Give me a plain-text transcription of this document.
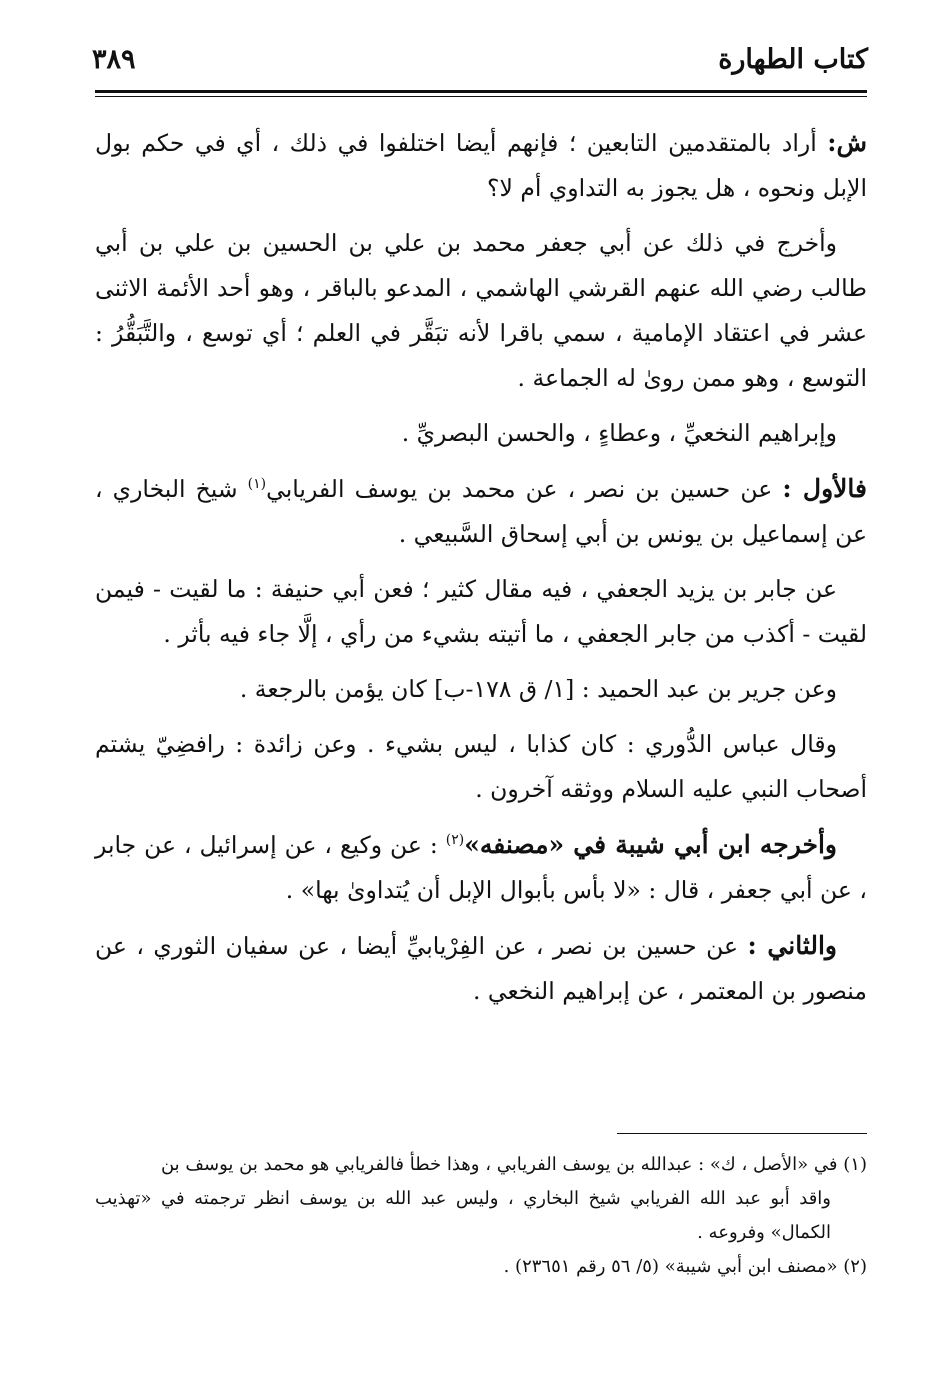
كتاب الطهارة
٣٨٩

ش: أراد بالمتقدمين التابعين ؛ فإنهم أيضا اختلفوا في ذلك ، أي في حكم بول الإبل ونحوه ، هل يجوز به التداوي أم لا؟

وأخرج في ذلك عن أبي جعفر محمد بن علي بن الحسين بن علي بن أبي طالب رضي الله عنهم القرشي الهاشمي ، المدعو بالباقر ، وهو أحد الأئمة الاثنى عشر في اعتقاد الإمامية ، سمي باقرا لأنه تبَقَّر في العلم ؛ أي توسع ، والتَّبَقُّرُ : التوسع ، وهو ممن روىٰ له الجماعة .

وإبراهيم النخعيِّ ، وعطاءٍ ، والحسن البصريِّ .

فالأول : عن حسين بن نصر ، عن محمد بن يوسف الفريابي$^{(١)}$ شيخ البخاري ، عن إسماعيل بن يونس بن أبي إسحاق السَّبيعي .

عن جابر بن يزيد الجعفي ، فيه مقال كثير ؛ فعن أبي حنيفة : ما لقيت - فيمن لقيت - أكذب من جابر الجعفي ، ما أتيته بشيء من رأي ، إلَّا جاء فيه بأثر .

وعن جرير بن عبد الحميد : [١/ ق ١٧٨-ب] كان يؤمن بالرجعة .

وقال عباس الدُّوري : كان كذابا ، ليس بشيء . وعن زائدة : رافضِيّ يشتم أصحاب النبي عليه السلام ووثقه آخرون .

وأخرجه ابن أبي شيبة في «مصنفه»$^{(٢)}$ : عن وكيع ، عن إسرائيل ، عن جابر ، عن أبي جعفر ، قال : «لا بأس بأبوال الإبل أن يُتداوىٰ بها» .

والثاني : عن حسين بن نصر ، عن الفِرْيابيِّ أيضا ، عن سفيان الثوري ، عن منصور بن المعتمر ، عن إبراهيم النخعي .

(١) في «الأصل ، ك» : عبدالله بن يوسف الفريابي ، وهذا خطأ فالفريابي هو محمد بن يوسف بن

واقد أبو عبد الله الفريابي شيخ البخاري ، وليس عبد الله بن يوسف انظر ترجمته في «تهذيب الكمال» وفروعه .

(٢) «مصنف ابن أبي شيبة» (٥/ ٥٦ رقم ٢٣٦٥١) .
